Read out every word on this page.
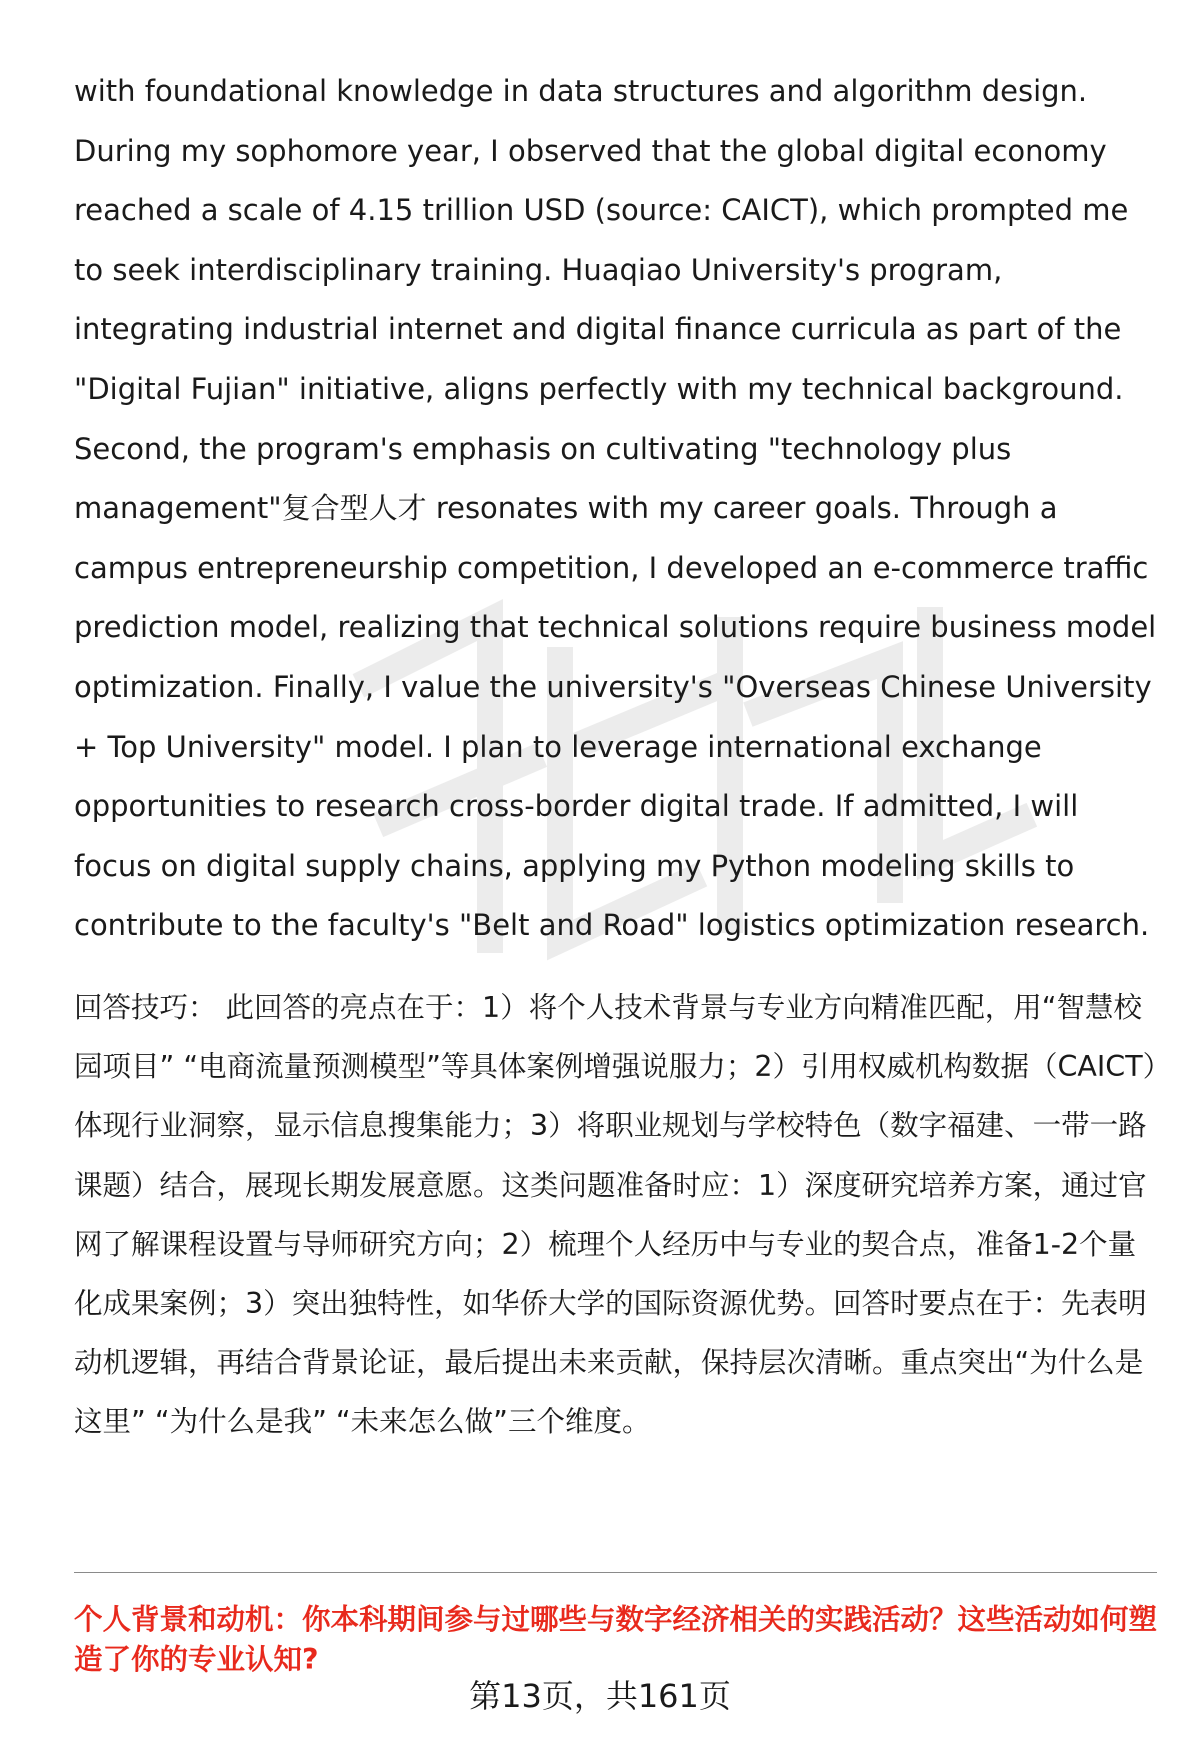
with foundational knowledge in data structures and algorithm design. During my sophomore year, I observed that the global digital economy reached a scale of 4.15 trillion USD (source: CAICT), which prompted me to seek interdisciplinary training. Huaqiao University's program, integrating industrial internet and digital finance curricula as part of the "Digital Fujian" initiative, aligns perfectly with my technical background. Second, the program's emphasis on cultivating "technology plus management"复合型人才 resonates with my career goals. Through a campus entrepreneurship competition, I developed an e-commerce traffic prediction model, realizing that technical solutions require business model optimization. Finally, I value the university's "Overseas Chinese University + Top University" model. I plan to leverage international exchange opportunities to research cross-border digital trade. If admitted, I will focus on digital supply chains, applying my Python modeling skills to contribute to the faculty's "Belt and Road" logistics optimization research.

回答技巧： 此回答的亮点在于：1）将个人技术背景与专业方向精准匹配，用“智慧校园项目” “电商流量预测模型”等具体案例增强说服力；2）引用权威机构数据（CAICT）体现行业洞察，显示信息搜集能力；3）将职业规划与学校特色（数字福建、一带一路课题）结合，展现长期发展意愿。这类问题准备时应：1）深度研究培养方案，通过官网了解课程设置与导师研究方向；2）梳理个人经历中与专业的契合点，准备1-2个量化成果案例；3）突出独特性，如华侨大学的国际资源优势。回答时要点在于：先表明动机逻辑，再结合背景论证，最后提出未来贡献，保持层次清晰。重点突出“为什么是这里” “为什么是我” “未来怎么做”三个维度。

个人背景和动机：你本科期间参与过哪些与数字经济相关的实践活动？这些活动如何塑造了你的专业认知?

第13页，共161页
